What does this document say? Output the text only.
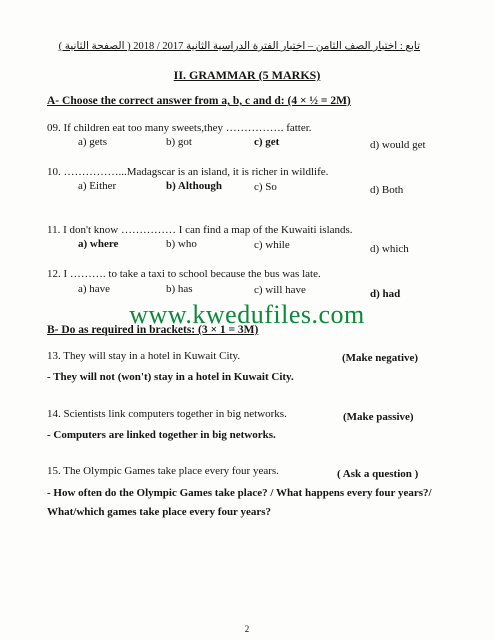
تابع : اختبار الصف الثامن – اختبار الفترة الدراسية الثانية 2017 / 2018 ( الصفحة الثانية )
II. GRAMMAR (5 MARKS)
A- Choose the correct answer from a, b, c and d: (4 × ½ = 2M)
09. If children eat too many sweets,they ……………. fatter.
a) gets	b) got	c) get	d) would get
10. ……………...Madagscar is an island, it is richer in wildlife.
a) Either	b) Although	c) So	d) Both
11. I don't know …………… I can find a map of the Kuwaiti islands.
a) where	b) who	c) while	d) which
12. I ………. to take a taxi to school because the bus was late.
a) have	b) has	c) will have	d) had
www.kwedufiles.com
B- Do as required in brackets: (3 × 1 = 3M)
13. They will stay in a hotel in Kuwait City.	(Make negative)
- They will not (won't) stay in a hotel in Kuwait City.
14. Scientists link computers together in big networks.	(Make passive)
- Computers are linked together in big networks.
15. The Olympic Games take place every four years.	( Ask a question )
- How often do the Olympic Games take place? / What happens every four years?/
What/which games take place every four years?
2
